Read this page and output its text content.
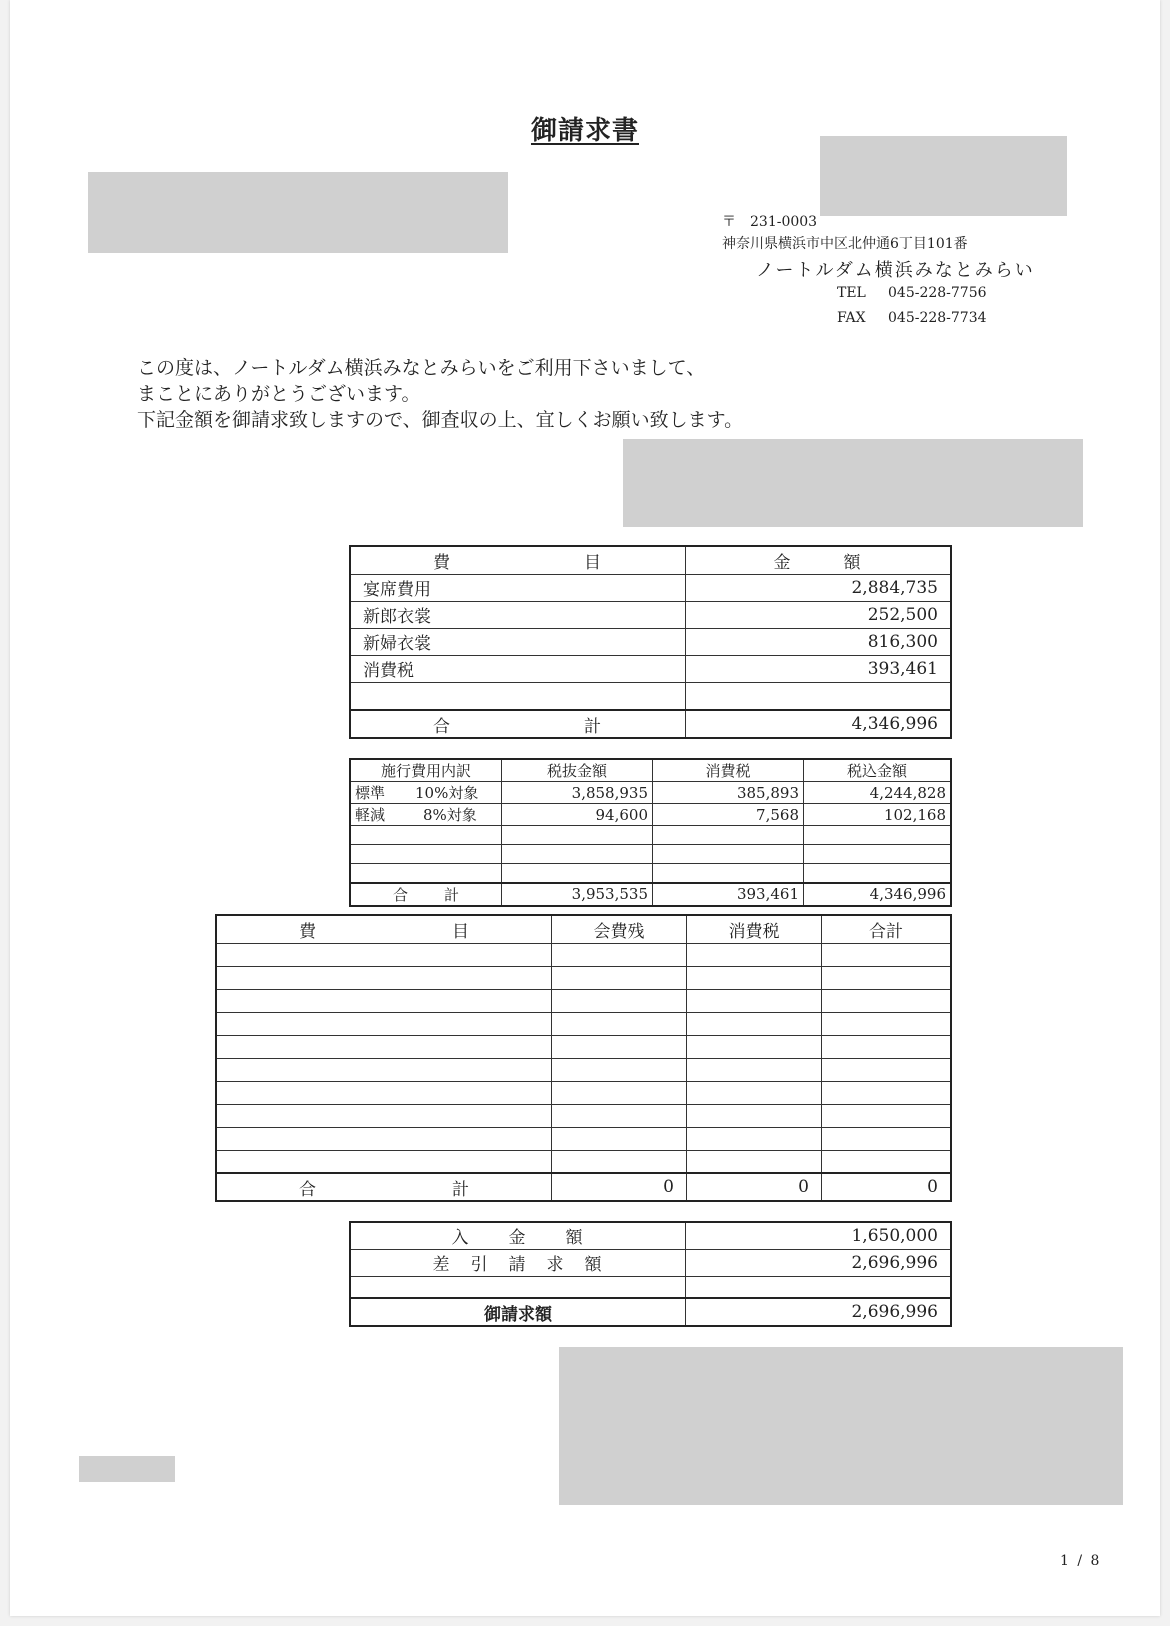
御請求書
〒　231-0003
神奈川県横浜市中区北仲通6丁目101番
ノートルダム横浜みなとみらい
TEL 045-228-7756
FAX 045-228-7734
この度は、ノートルダム横浜みなとみらいをご利用下さいまして、
まことにありがとうございます。
下記金額を御請求致しますので、御査収の上、宜しくお願い致します。
費 目	金 額

宴席費用	2,884,735
新郎衣裳	252,500
新婦衣裳	816,300
消費税	393,461

合 計	4,346,996
施行費用内訳	税抜金額	消費税	税込金額
標準 10%対象	3,858,935	385,893	4,244,828
軽減 8%対象	94,600	7,568	102,168

合 計	3,953,535	393,461	4,346,996
費 目	会費残	消費税	合計

合 計	0	0	0
入　　金　　額	1,650,000
差　引　請　求　額	2,696,996

御請求額	2,696,996
1 / 8
